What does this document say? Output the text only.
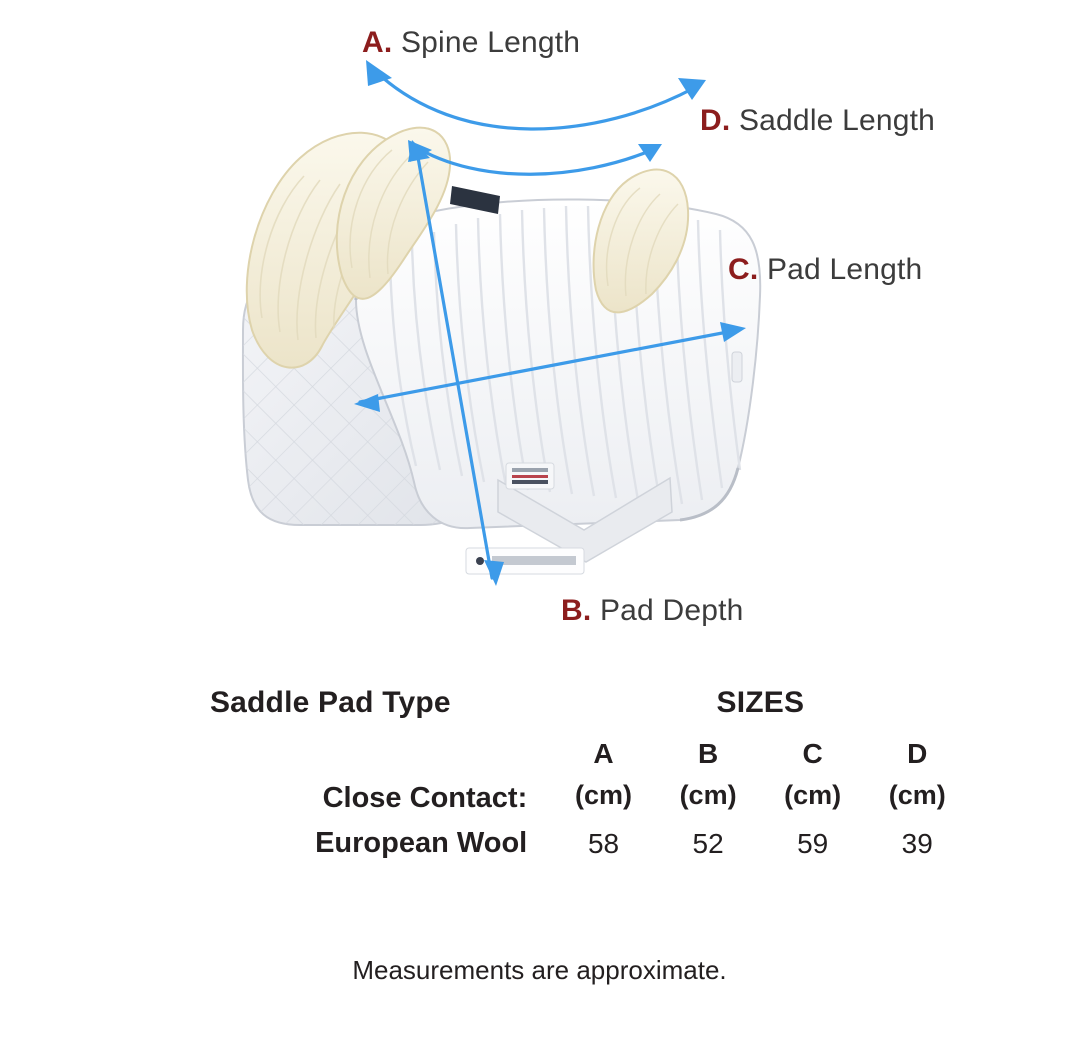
A. Spine Length
D. Saddle Length
C. Pad Length
B. Pad Depth
Saddle Pad Type	SIZES			
	A	B	C	D
Close Contact:	(cm)	(cm)	(cm)	(cm)
European Wool	58	52	59	39
Measurements are approximate.
